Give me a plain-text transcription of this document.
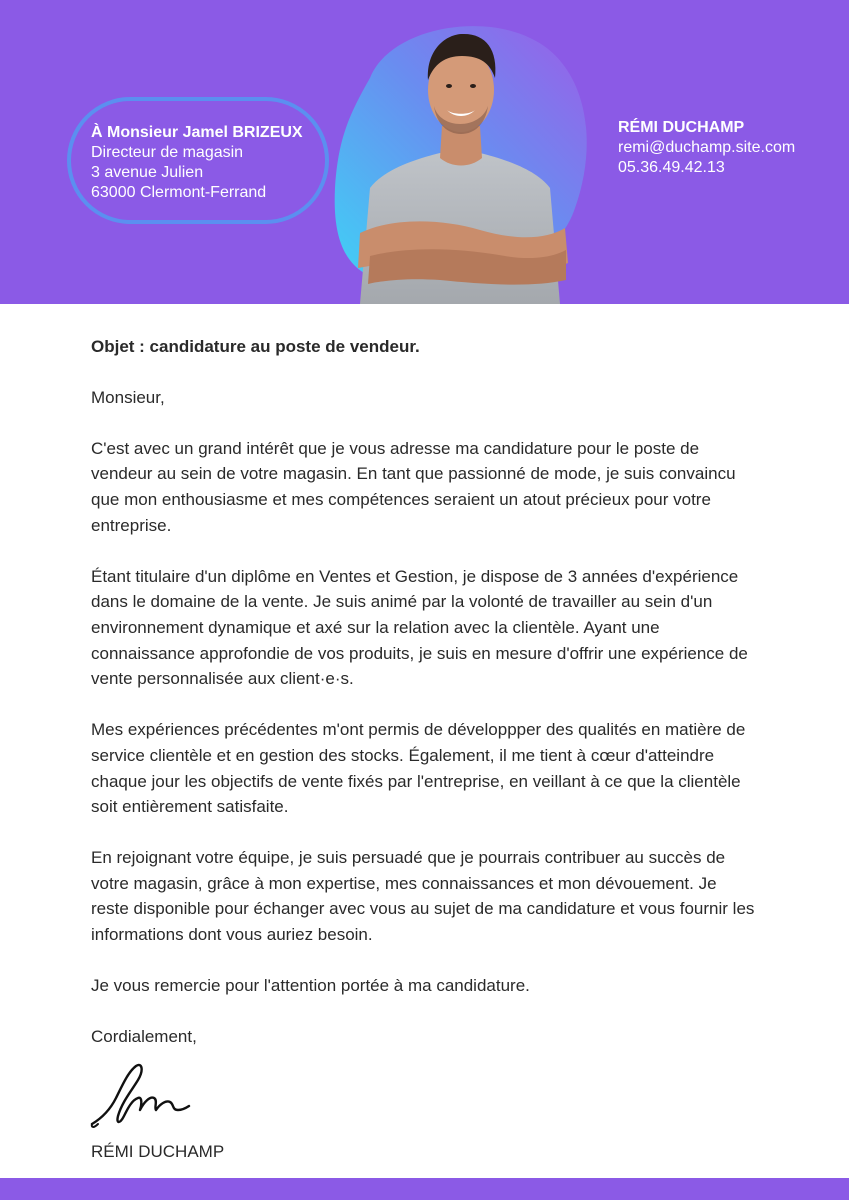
À Monsieur Jamel BRIZEUX
Directeur de magasin
3 avenue Julien
63000 Clermont-Ferrand
RÉMI DUCHAMP
remi@duchamp.site.com
05.36.49.42.13
Objet : candidature au poste de vendeur.

Monsieur,

C'est avec un grand intérêt que je vous adresse ma candidature pour le poste de vendeur au sein de votre magasin. En tant que passionné de mode, je suis convaincu que mon enthousiasme et mes compétences seraient un atout précieux pour votre entreprise.

Étant titulaire d'un diplôme en Ventes et Gestion, je dispose de 3 années d'expérience dans le domaine de la vente. Je suis animé par la volonté de travailler au sein d'un environnement dynamique et axé sur la relation avec la clientèle. Ayant une connaissance approfondie de vos produits, je suis en mesure d'offrir une expérience de vente personnalisée aux client·e·s.

Mes expériences précédentes m'ont permis de développper des qualités en matière de service clientèle et en gestion des stocks. Également, il me tient à cœur d'atteindre chaque jour les objectifs de vente fixés par l'entreprise, en veillant à ce que la clientèle soit entièrement satisfaite.

En rejoignant votre équipe, je suis persuadé que je pourrais contribuer au succès de votre magasin, grâce à mon expertise, mes connaissances et mon dévouement. Je reste disponible pour échanger avec vous au sujet de ma candidature et vous fournir les informations dont vous auriez besoin.

Je vous remercie pour l'attention portée à ma candidature.

Cordialement,

RÉMI DUCHAMP
